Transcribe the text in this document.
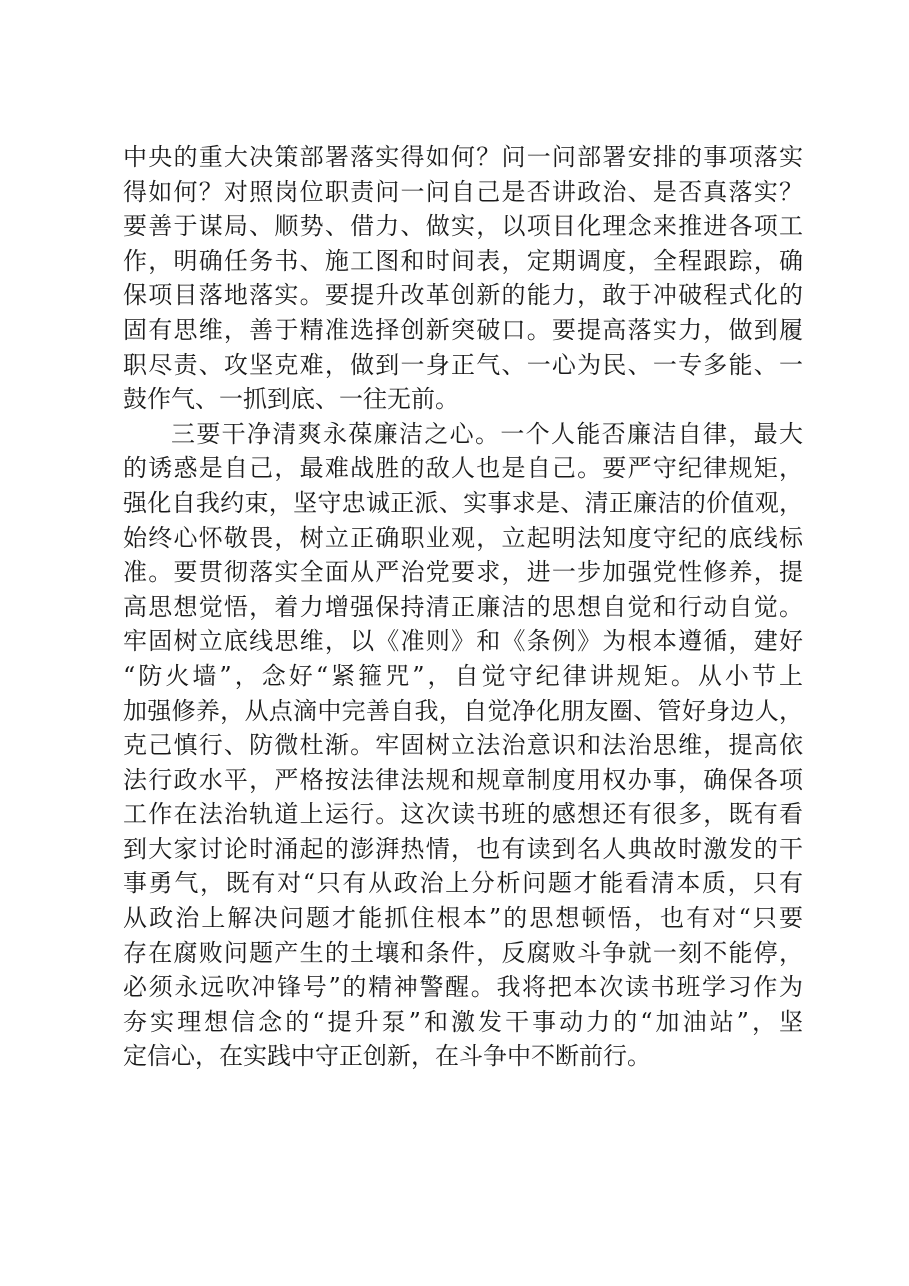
中央的重大决策部署落实得如何？问一问部署安排的事项落实
得如何？对照岗位职责问一问自己是否讲政治、是否真落实？
要善于谋局、顺势、借力、做实，以项目化理念来推进各项工
作，明确任务书、施工图和时间表，定期调度，全程跟踪，确
保项目落地落实。要提升改革创新的能力，敢于冲破程式化的
固有思维，善于精准选择创新突破口。要提高落实力，做到履
职尽责、攻坚克难，做到一身正气、一心为民、一专多能、一
鼓作气、一抓到底、一往无前。
三要干净清爽永葆廉洁之心。一个人能否廉洁自律，最大
的诱惑是自己，最难战胜的敌人也是自己。要严守纪律规矩，
强化自我约束，坚守忠诚正派、实事求是、清正廉洁的价值观，
始终心怀敬畏，树立正确职业观，立起明法知度守纪的底线标
准。要贯彻落实全面从严治党要求，进一步加强党性修养，提
高思想觉悟，着力增强保持清正廉洁的思想自觉和行动自觉。
牢固树立底线思维，以《准则》和《条例》为根本遵循，建好
“防火墙”，念好“紧箍咒”，自觉守纪律讲规矩。从小节上
加强修养，从点滴中完善自我，自觉净化朋友圈、管好身边人，
克己慎行、防微杜渐。牢固树立法治意识和法治思维，提高依
法行政水平，严格按法律法规和规章制度用权办事，确保各项
工作在法治轨道上运行。这次读书班的感想还有很多，既有看
到大家讨论时涌起的澎湃热情，也有读到名人典故时激发的干
事勇气，既有对“只有从政治上分析问题才能看清本质，只有
从政治上解决问题才能抓住根本”的思想顿悟，也有对“只要
存在腐败问题产生的土壤和条件，反腐败斗争就一刻不能停，
必须永远吹冲锋号”的精神警醒。我将把本次读书班学习作为
夯实理想信念的“提升泵”和激发干事动力的“加油站”，坚
定信心，在实践中守正创新，在斗争中不断前行。
